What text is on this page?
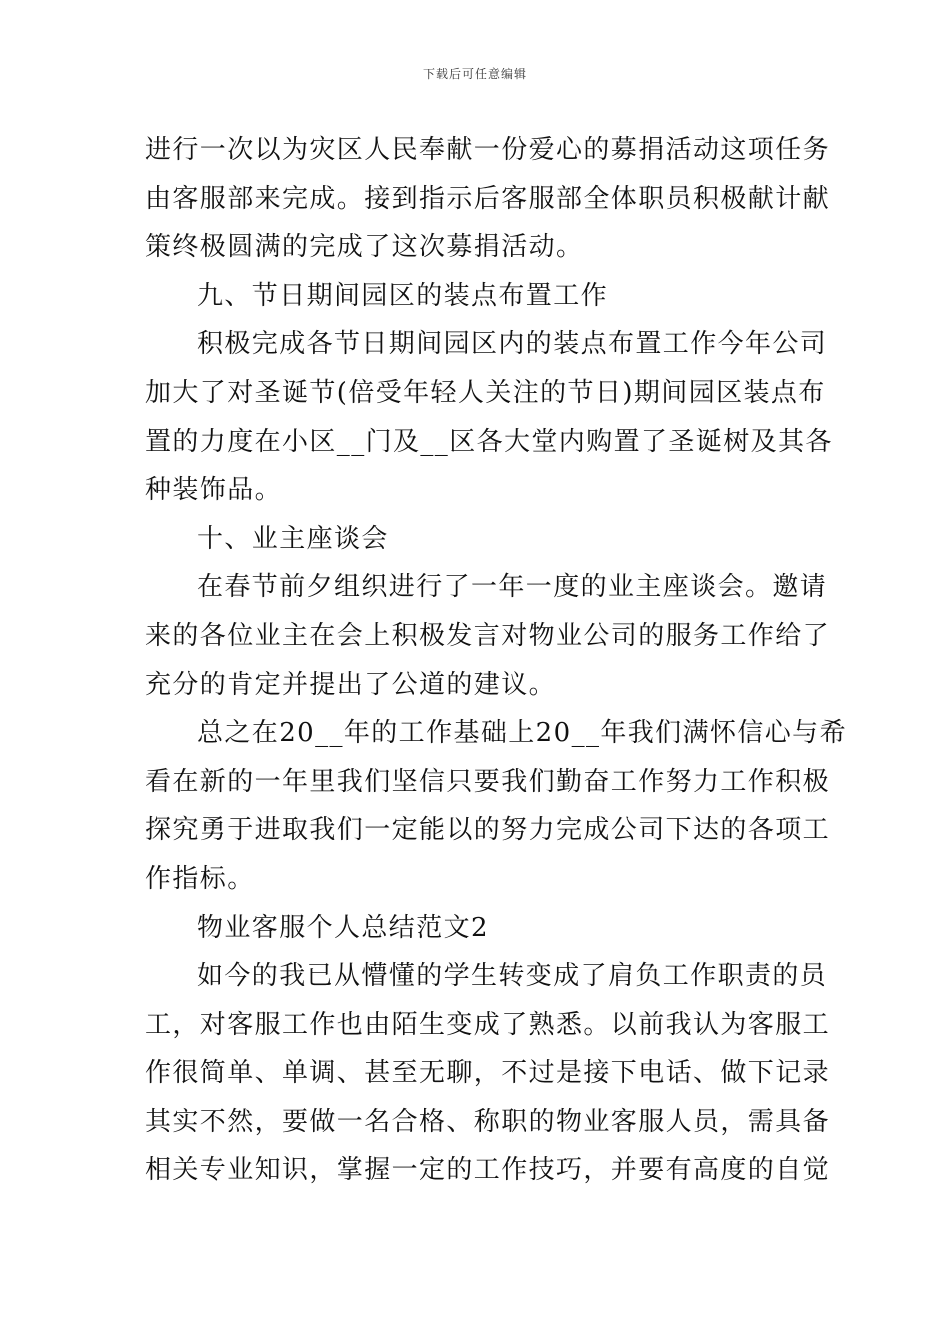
下载后可任意编辑
进行一次以为灾区人民奉献一份爱心的募捐活动这项任务
由客服部来完成。接到指示后客服部全体职员积极献计献
策终极圆满的完成了这次募捐活动。
九、节日期间园区的装点布置工作
积极完成各节日期间园区内的装点布置工作今年公司
加大了对圣诞节(倍受年轻人关注的节日)期间园区装点布
置的力度在小区__门及__区各大堂内购置了圣诞树及其各
种装饰品。
十、业主座谈会
在春节前夕组织进行了一年一度的业主座谈会。邀请
来的各位业主在会上积极发言对物业公司的服务工作给了
充分的肯定并提出了公道的建议。
总之在20__年的工作基础上20__年我们满怀信心与希
看在新的一年里我们坚信只要我们勤奋工作努力工作积极
探究勇于进取我们一定能以的努力完成公司下达的各项工
作指标。
物业客服个人总结范文2
如今的我已从懵懂的学生转变成了肩负工作职责的员
工，对客服工作也由陌生变成了熟悉。以前我认为客服工
作很简单、单调、甚至无聊，不过是接下电话、做下记录
其实不然，要做一名合格、称职的物业客服人员，需具备
相关专业知识，掌握一定的工作技巧，并要有高度的自觉
